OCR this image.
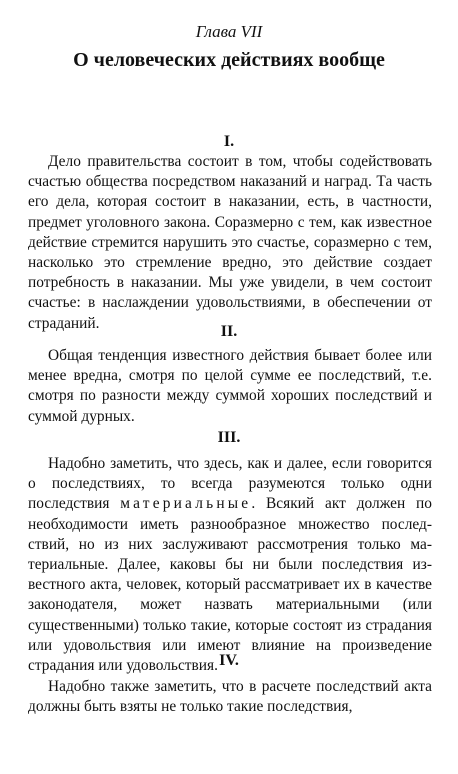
Глава VII
О человеческих действиях вообще
I.

Дело правительства состоит в том, чтобы содействовать счастью общества посредством наказаний и наград. Та часть его дела, которая состоит в наказании, есть, в частности, предмет уголовного закона. Соразмерно с тем, как известное действие стремится нарушить это счастье, соразмерно с тем, насколько это стремление вредно, это действие создает потребность в наказании. Мы уже увидели, в чем состоит счастье: в наслаждении удовольствиями, в обеспечении от страданий.	II.

Общая тенденция известного действия бывает более или менее вредна, смотря по целой сумме ее последствий, т.е. смотря по разности между суммой хороших последствий и суммой дурных.

III.

Надобно заметить, что здесь, как и далее, если говорится о последствиях, то всегда разумеются только одни последствия материальные. Всякий акт должен по необходимости иметь разнообразное множество последствий, но из них заслуживают рассмотрения только материальные. Далее, каковы бы ни были последствия известного акта, человек, который рассматривает их в качестве законодателя, может назвать материальными (или существенными) только такие, которые состоят из страдания или удовольствия или имеют влияние на произведение страдания или удовольствия. IV.

Надобно также заметить, что в расчете последствий акта должны быть взяты не только такие последствия,
